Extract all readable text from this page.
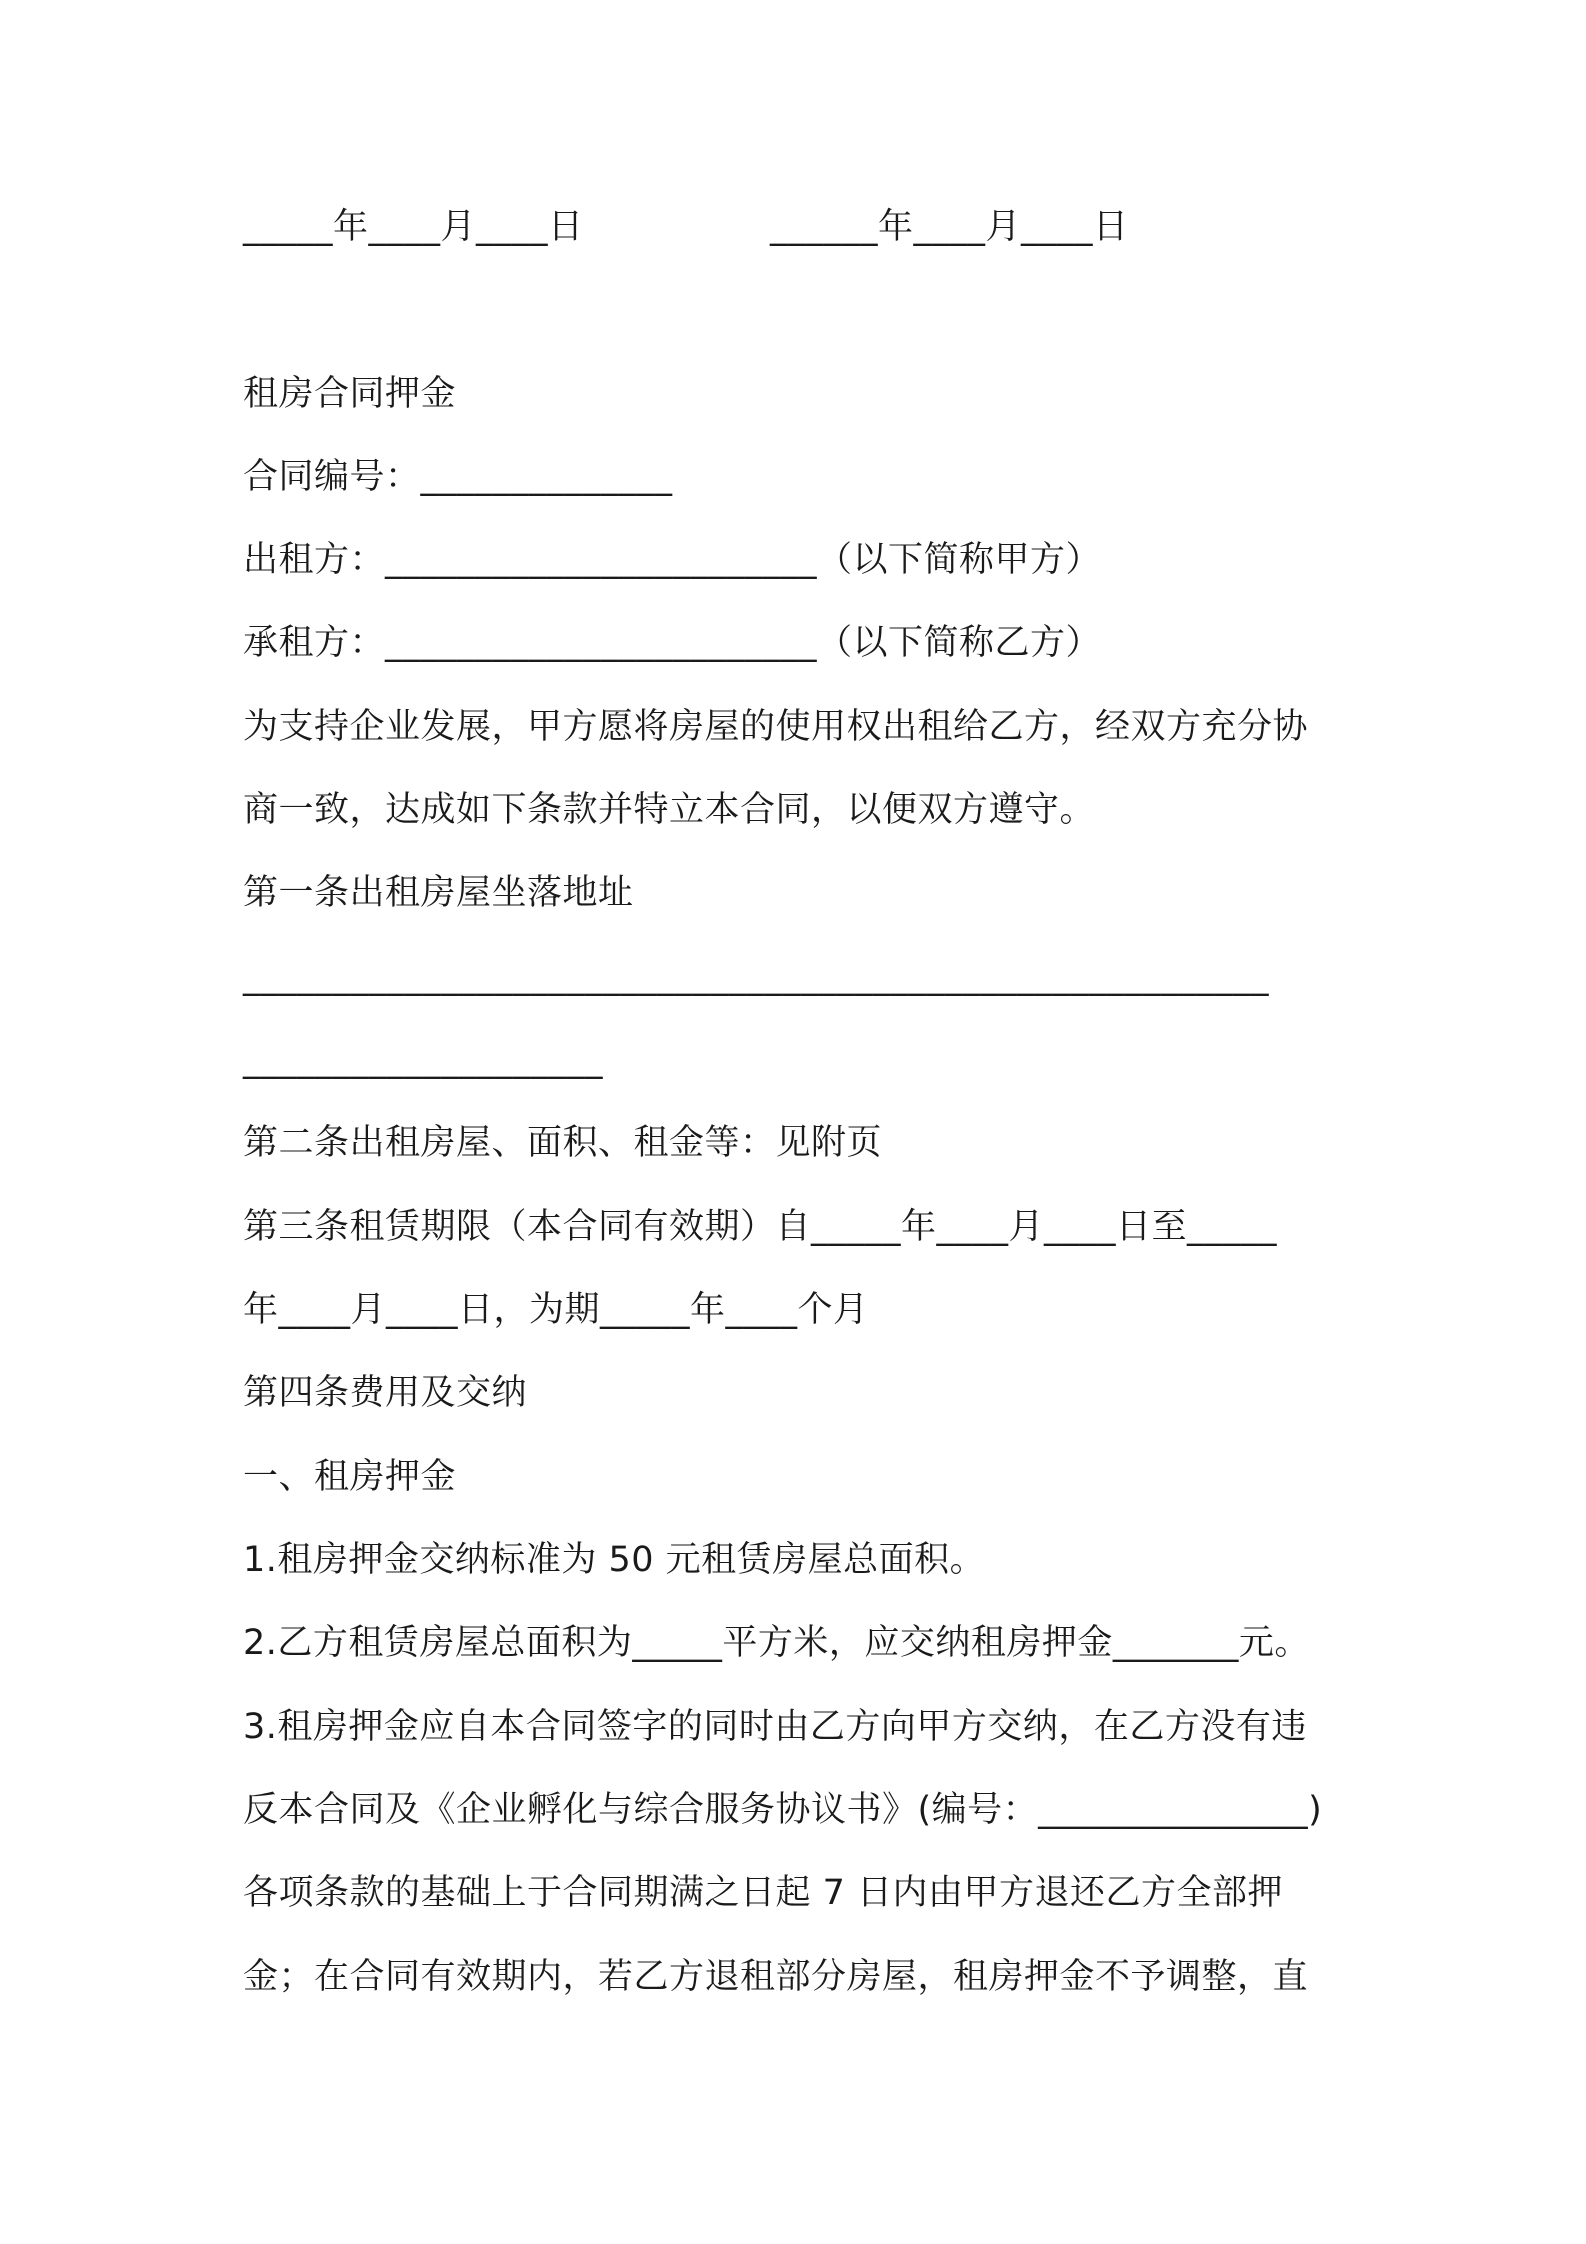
_____年____月____日	______年____月____日
租房合同押金
合同编号：______________
出租方：________________________（以下简称甲方）
承租方：________________________（以下简称乙方）
为支持企业发展，甲方愿将房屋的使用权出租给乙方，经双方充分协
商一致，达成如下条款并特立本合同，以便双方遵守。
第一条出租房屋坐落地址
_________________________________________________________
____________________
第二条出租房屋、面积、租金等：见附页
第三条租赁期限（本合同有效期）自_____年____月____日至_____
年____月____日，为期_____年____个月
第四条费用及交纳
一、租房押金
1.租房押金交纳标准为 50 元租赁房屋总面积。
2.乙方租赁房屋总面积为_____平方米，应交纳租房押金_______元。
3.租房押金应自本合同签字的同时由乙方向甲方交纳，在乙方没有违
反本合同及《企业孵化与综合服务协议书》(编号：_______________)
各项条款的基础上于合同期满之日起 7 日内由甲方退还乙方全部押
金；在合同有效期内，若乙方退租部分房屋，租房押金不予调整，直
